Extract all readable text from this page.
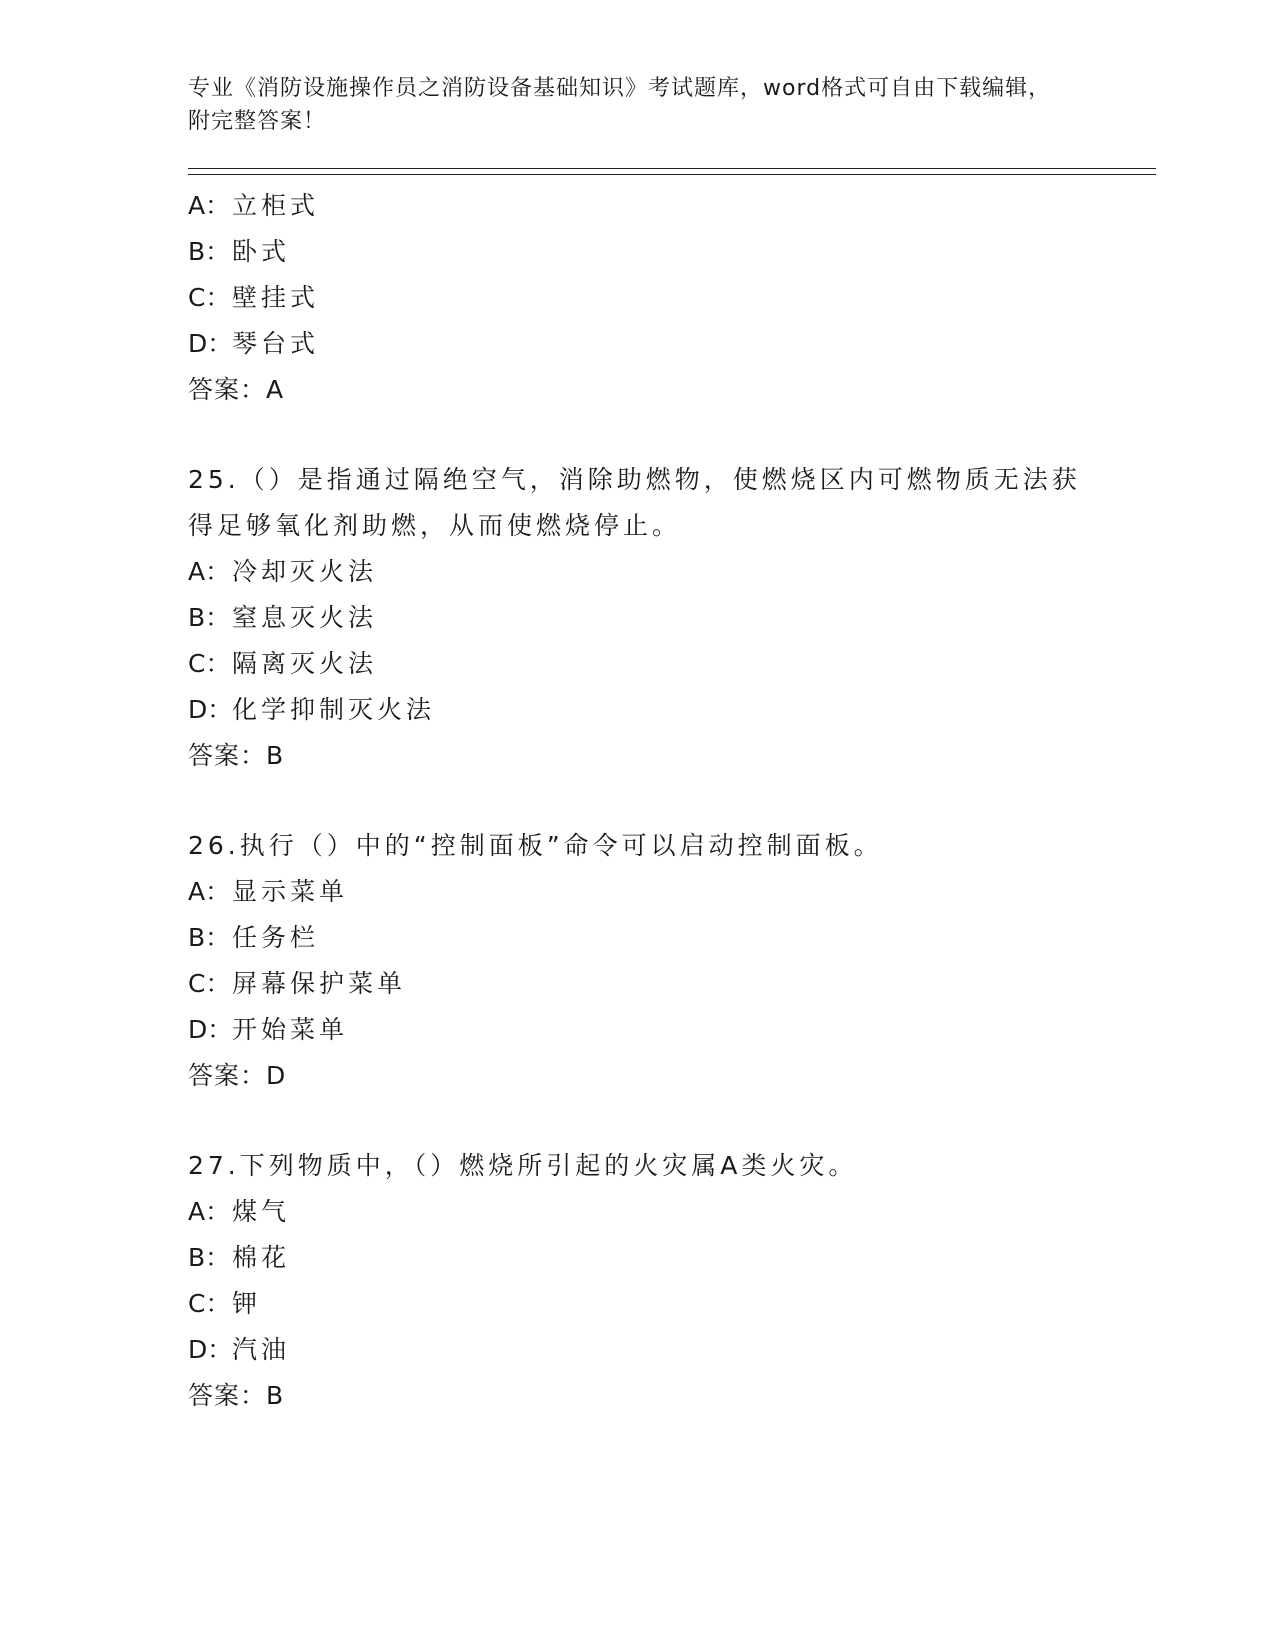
专业《消防设施操作员之消防设备基础知识》考试题库，word格式可自由下载编辑，附完整答案！

A：立柜式

B：卧式

C：壁挂式

D：琴台式

答案：A

25.（）是指通过隔绝空气，消除助燃物，使燃烧区内可燃物质无法获得足够氧化剂助燃，从而使燃烧停止。

A：冷却灭火法

B：窒息灭火法

C：隔离灭火法

D：化学抑制灭火法

答案：B

26.执行（）中的“控制面板”命令可以启动控制面板。

A：显示菜单

B：任务栏

C：屏幕保护菜单

D：开始菜单

答案：D

27.下列物质中，（）燃烧所引起的火灾属A类火灾。

A：煤气

B：棉花

C：钾

D：汽油

答案：B
